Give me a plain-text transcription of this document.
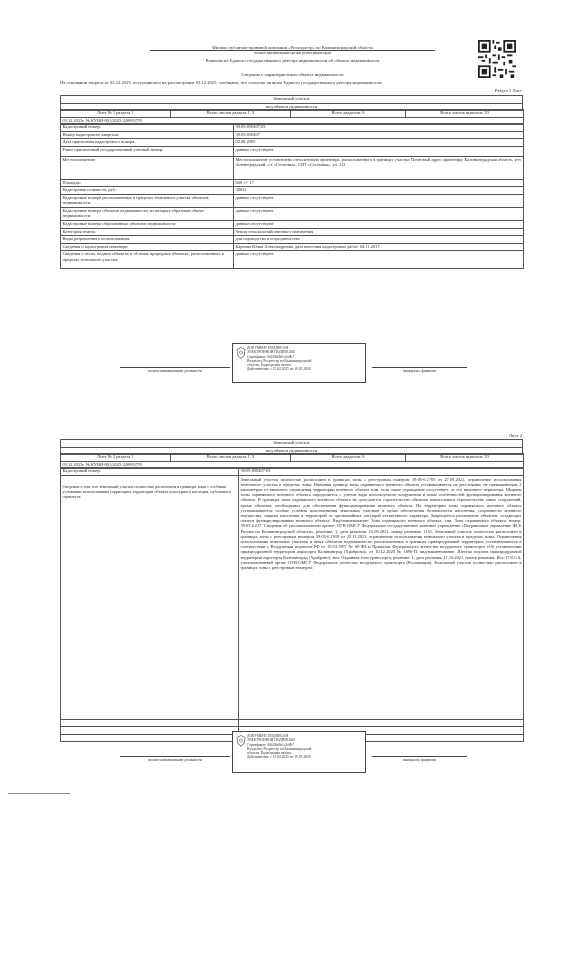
Филиал публично-правовой компании «Роскадастр» по Калининградской области
полное наименование органа регистрации прав
Выписка из Единого государственного реестра недвижимости об объекте недвижимости
Сведения о характеристиках объекта недвижимости
На основании запроса от 03.12.2025, поступившего на рассмотрение 03.12.2025, сообщаем, что согласно записям Единого государственного реестра недвижимости:
Раздел 1 Лист
Земельный участок
вид объекта недвижимости
Лист № 1 раздела 1	Всего листов раздела 1: 5	Всего разделов: 6	Всего листов выписки: 19
03.12.2025г. № КУВИ-001/2025-220092755
Кадастровый номер:	39:05:050407:03
Номер кадастрового квартала:	39:05:050407
Дата присвоения кадастрового номера:	02.08.2005
Ранее присвоенный государственный учетный номер:	данные отсутствуют
Местоположение:	Местоположение установлено относительно ориентира, расположенного в границах участка. Почтовый адрес ориентира: Калининградская область, р-н Зеленоградский, с/т «Сосновка», СНТ «Сосновка», уч. 113
Площадь:	600 +/- 17
Кадастровая стоимость, руб.:	30652
Кадастровые номера расположенных в пределах земельного участка объектов недвижимости:	данные отсутствуют
Кадастровые номера объектов недвижимости, из которых образован объект недвижимости:	данные отсутствуют
Кадастровые номера образованных объектов недвижимости:	данные отсутствуют
Категория земель:	Земли сельскохозяйственного назначения
Виды разрешенного использования:	для садоводства и огородничества
Сведения о кадастровом инженере:	Карпова Юлия Александровна, дата внесения кадастровых работ: 04.11.2017
Сведения о лесах, водных объектах и об иных природных объектах, расположенных в пределах земельного участка:	данные отсутствуют
полное наименование должности
ДОКУМЕНТ ПОДПИСАН
ЭЛЕКТРОННОЙ ПОДПИСЬЮ
Сертификат: 0d4f3bf8e1c2a9b7
Владелец: Росреестр по Калининградской
области, Кадастровая палата
Действителен: с 15.02.2025 по 10.05.2026	инициалы, фамилия
Лист 2
Земельный участок
вид объекта недвижимости
Лист № 2 раздела 1	Всего листов раздела 1: 5	Всего разделов: 6	Всего листов выписки: 19
03.12.2025г. № КУВИ-001/2025-220092755
Кадастровый номер:	39:05:050407:03
Сведения о том, что земельный участок полностью расположен в границах зоны с особыми условиями использования территории, территории объекта культурного наследия, публичного сервитута:	Земельный участок полностью расположен в границах зоны с реестровым номером 39:05-6.1705 от 27.09.2021, ограничение использования земельного участка в пределах зоны: Внешняя граница зоны охраняемого военного объекта устанавливается на расстоянии, не превышающем 2 километров от внешнего ограждения территории военного объекта или, если такое ограждение отсутствует, от его внешнего периметра. Ширина зоны охраняемого военного объекта определяется с учетом вида используемого вооружения и иных особенностей функционирования военного объекта. В границах зоны охраняемого военного объекта не допускается строительство объектов капитального строительства, иных сооружений, кроме объектов, необходимых для обеспечения функционирования военного объекта. На территории зоны охраняемого военного объекта устанавливаются особые условия использования земельных участков в целях обеспечения безопасности населения, сохранности военного имущества, защиты населения и территорий от чрезвычайных ситуаций техногенного характера. Запрещается размещение объектов, создающих помехи функционированию военного объекта. Вид/наименование: Зона охраняемого военного объекта, тип: Зона охраняемого объекта, номер: 39.05.2.217. Сведения об уполномоченном органе: ОГВ-ОМСУ Федеральное государственное казенное учреждение «Пограничное управление ФСБ России по Калининградской области», решение: 1, дата решения: 15.09.2021, номер решения: 1151. Земельный участок полностью расположен в границах зоны с реестровым номером 39:05-6.1918 от 25.11.2021, ограничение использования земельного участка в пределах зоны: Ограничения использования земельных участков и иных объектов недвижимости, расположенных в границах приаэродромной территории, устанавливаются в соответствии с Воздушным кодексом РФ от 19.03.1997 № 60-ФЗ и Приказом Федерального агентства воздушного транспорта «Об установлении приаэродромной территории аэропорта Калининград (Храброво)» от 10.12.2020 № 1696-П, вид/наименование: Шестая подзона приаэродромной территории аэропорта Калининград (Храброво), тип: Охранная зона транспорта, решение: 1, дата решения: 11.10.2021, номер решения: Исх-17311/А, уполномоченный орган: ОГВ-ОМСУ Федеральное агентство воздушного транспорта (Росавиация). Земельный участок полностью расположен в границах зоны с реестровым номером.

полное наименование должности
ДОКУМЕНТ ПОДПИСАН
ЭЛЕКТРОННОЙ ПОДПИСЬЮ
Сертификат: 0d4f3bf8e1c2a9b7
Владелец: Росреестр по Калининградской
области, Кадастровая палата
Действителен: с 15.02.2025 по 10.05.2026
инициалы, фамилия
